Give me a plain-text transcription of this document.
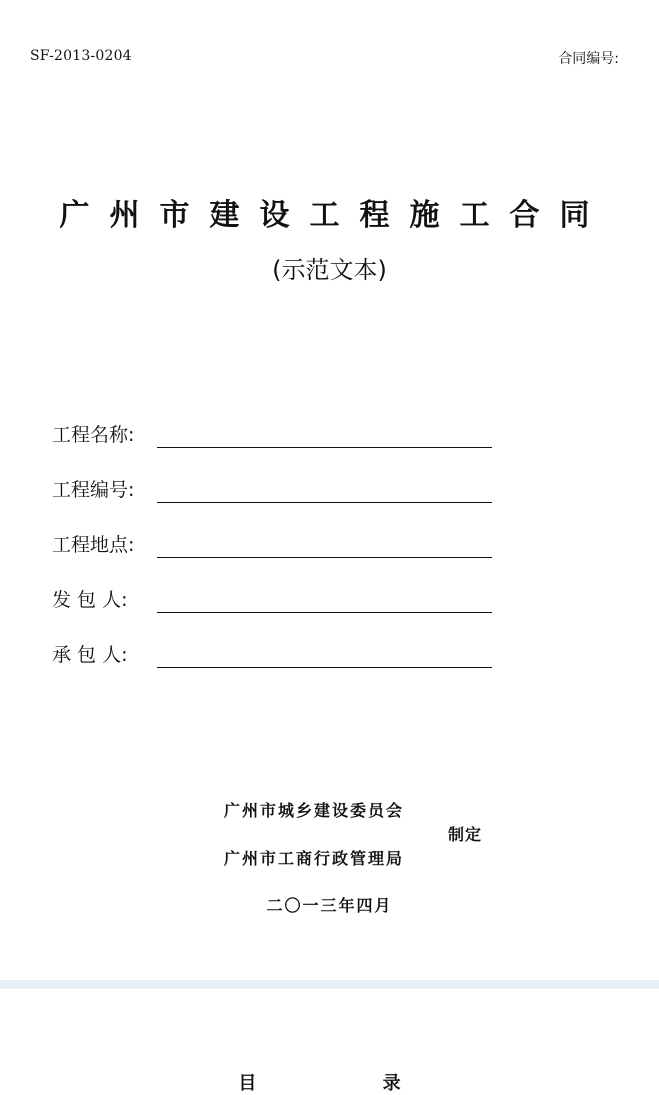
SF-2013-0204	合同编号:
广州市建设工程施工合同
(示范文本)
工程名称:
工程编号:
工程地点:
发 包 人:
承 包 人:
广州市城乡建设委员会
制定
广州市工商行政管理局
二〇一三年四月
目 录
